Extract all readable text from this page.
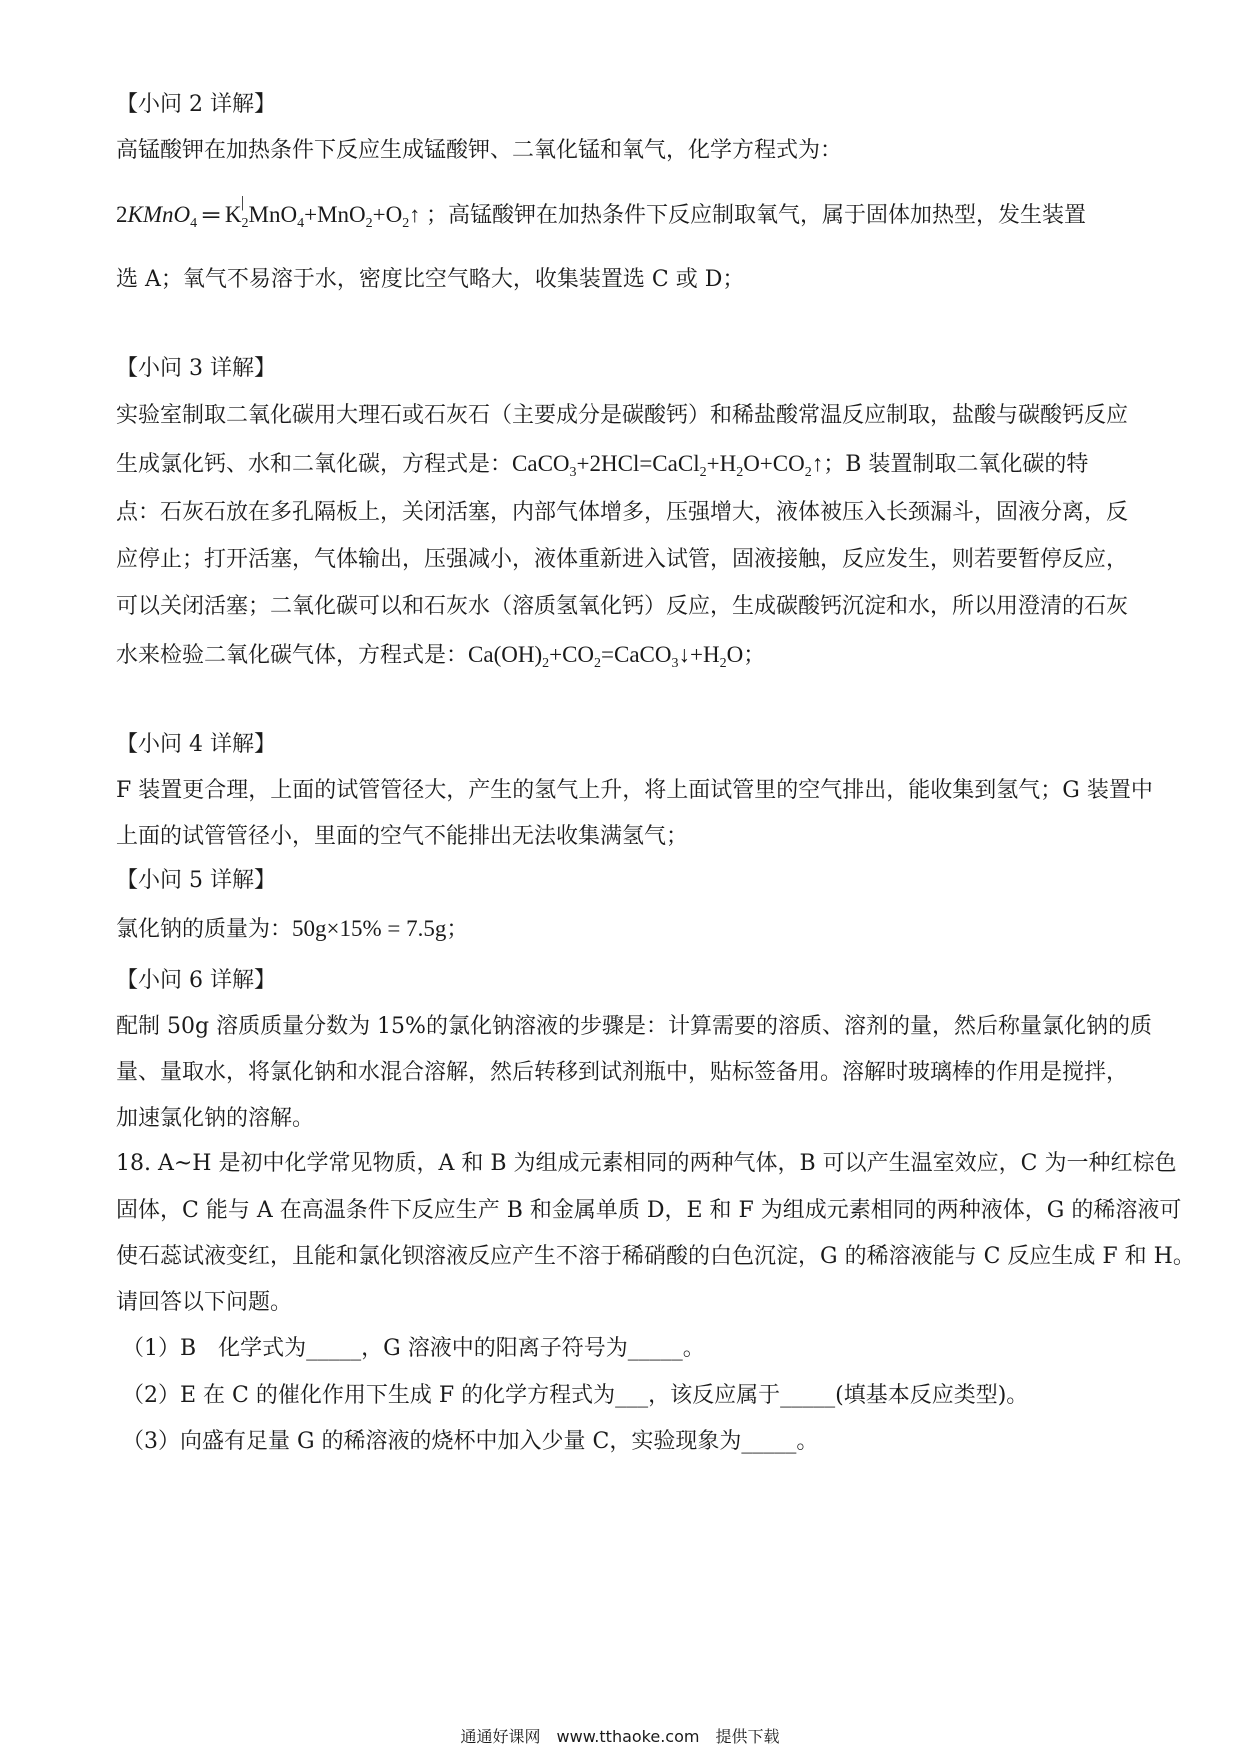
【小问 2 详解】
高锰酸钾在加热条件下反应生成锰酸钾、二氧化锰和氧气，化学方程式为：
|
2KMnO$_4$ ═ $K_2MnO_4+MnO_2+O_2↑$ ；高锰酸钾在加热条件下反应制取氧气，属于固体加热型，发生装置
选 A；氧气不易溶于水，密度比空气略大，收集装置选 C 或 D；
【小问 3 详解】
实验室制取二氧化碳用大理石或石灰石（主要成分是碳酸钙）和稀盐酸常温反应制取，盐酸与碳酸钙反应
生成氯化钙、水和二氧化碳，方程式是：$CaCO_3+2HCl=CaCl_2+H_2O+CO_2↑$；B 装置制取二氧化碳的特
点：石灰石放在多孔隔板上，关闭活塞，内部气体增多，压强增大，液体被压入长颈漏斗，固液分离，反
应停止；打开活塞，气体输出，压强减小，液体重新进入试管，固液接触，反应发生，则若要暂停反应，
可以关闭活塞；二氧化碳可以和石灰水（溶质氢氧化钙）反应，生成碳酸钙沉淀和水，所以用澄清的石灰
水来检验二氧化碳气体，方程式是：$Ca(OH)_2+CO_2=CaCO_3↓+H_2O$；
【小问 4 详解】
F 装置更合理，上面的试管管径大，产生的氢气上升，将上面试管里的空气排出，能收集到氢气；G 装置中
上面的试管管径小，里面的空气不能排出无法收集满氢气；
【小问 5 详解】
氯化钠的质量为：50g×15% = 7.5g；
【小问 6 详解】
配制 50g 溶质质量分数为 15%的氯化钠溶液的步骤是：计算需要的溶质、溶剂的量，然后称量氯化钠的质
量、量取水，将氯化钠和水混合溶解，然后转移到试剂瓶中，贴标签备用。溶解时玻璃棒的作用是搅拌，
加速氯化钠的溶解。
18. A~H 是初中化学常见物质，A 和 B 为组成元素相同的两种气体，B 可以产生温室效应，C 为一种红棕色
固体，C 能与 A 在高温条件下反应生产 B 和金属单质 D，E 和 F 为组成元素相同的两种液体，G 的稀溶液可
使石蕊试液变红，且能和氯化钡溶液反应产生不溶于稀硝酸的白色沉淀，G 的稀溶液能与 C 反应生成 F 和 H。
请回答以下问题。
（1）B　化学式为_____，G 溶液中的阳离子符号为_____。
（2）E 在 C 的催化作用下生成 F 的化学方程式为___，该反应属于_____(填基本反应类型)。
（3）向盛有足量 G 的稀溶液的烧杯中加入少量 C，实验现象为_____。
通通好课网　www.tthaoke.com　提供下载
